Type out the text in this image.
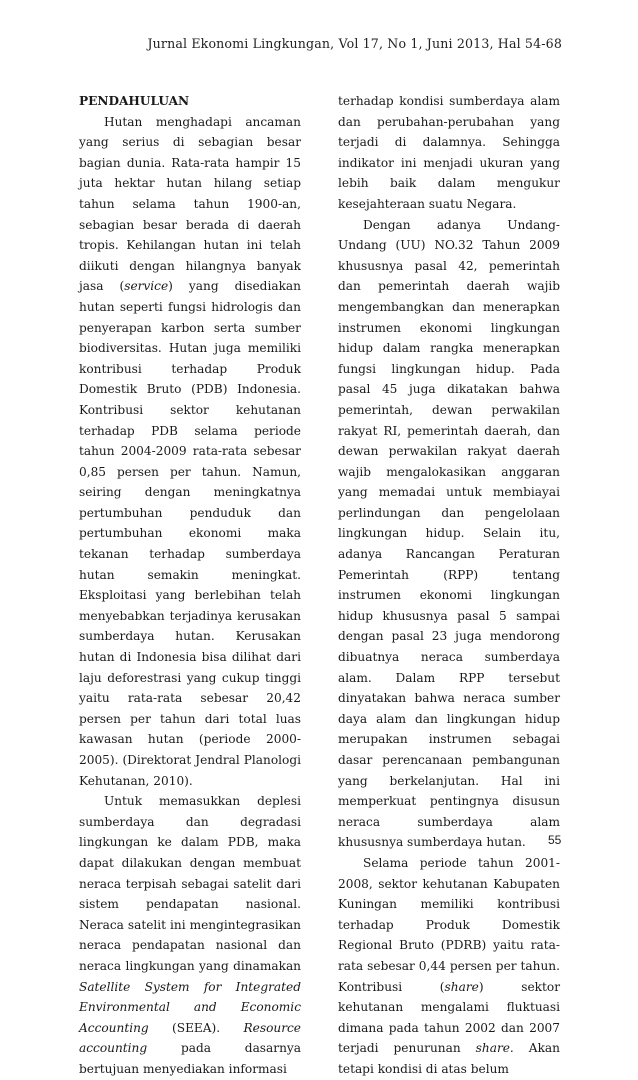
Jurnal Ekonomi Lingkungan, Vol 17, No 1, Juni 2013, Hal 54-68

PENDAHULUAN

Hutan menghadapi ancaman yang serius di sebagian besar bagian dunia. Rata-rata hampir 15 juta hektar hutan hilang setiap tahun selama tahun 1900-an, sebagian besar berada di daerah tropis. Kehilangan hutan ini telah diikuti dengan hilangnya banyak jasa (service) yang disediakan hutan seperti fungsi hidrologis dan penyerapan karbon serta sumber biodiversitas. Hutan juga memiliki kontribusi terhadap Produk Domestik Bruto (PDB) Indonesia. Kontribusi sektor kehutanan terhadap PDB selama periode tahun 2004-2009 rata-rata sebesar 0,85 persen per tahun. Namun, seiring dengan meningkatnya pertumbuhan penduduk dan pertumbuhan ekonomi maka tekanan terhadap sumberdaya hutan semakin meningkat. Eksploitasi yang berlebihan telah menyebabkan terjadinya kerusakan sumberdaya hutan. Kerusakan hutan di Indonesia bisa dilihat dari laju deforestrasi yang cukup tinggi yaitu rata-rata sebesar 20,42 persen per tahun dari total luas kawasan hutan (periode 2000-2005). (Direktorat Jendral Planologi Kehutanan, 2010).

Untuk memasukkan deplesi sumberdaya dan degradasi lingkungan ke dalam PDB, maka dapat dilakukan dengan membuat neraca terpisah sebagai satelit dari sistem pendapatan nasional. Neraca satelit ini mengintegrasikan neraca pendapatan nasional dan neraca lingkungan yang dinamakan Satellite System for Integrated Environmental and Economic Accounting (SEEA). Resource accounting pada dasarnya bertujuan menyediakan informasi

terhadap kondisi sumberdaya alam dan perubahan-perubahan yang terjadi di dalamnya. Sehingga indikator ini menjadi ukuran yang lebih baik dalam mengukur kesejahteraan suatu Negara.

Dengan adanya Undang-Undang (UU) NO.32 Tahun 2009 khususnya pasal 42, pemerintah dan pemerintah daerah wajib mengembangkan dan menerapkan instrumen ekonomi lingkungan hidup dalam rangka menerapkan fungsi lingkungan hidup. Pada pasal 45 juga dikatakan bahwa pemerintah, dewan perwakilan rakyat RI, pemerintah daerah, dan dewan perwakilan rakyat daerah wajib mengalokasikan anggaran yang memadai untuk membiayai perlindungan dan pengelolaan lingkungan hidup. Selain itu, adanya Rancangan Peraturan Pemerintah (RPP) tentang instrumen ekonomi lingkungan hidup khususnya pasal 5 sampai dengan pasal 23 juga mendorong dibuatnya neraca sumberdaya alam. Dalam RPP tersebut dinyatakan bahwa neraca sumber daya alam dan lingkungan hidup merupakan instrumen sebagai dasar perencanaan pembangunan yang berkelanjutan. Hal ini memperkuat pentingnya disusun neraca sumberdaya alam khususnya sumberdaya hutan.

Selama periode tahun 2001-2008, sektor kehutanan Kabupaten Kuningan memiliki kontribusi terhadap Produk Domestik Regional Bruto (PDRB) yaitu rata-rata sebesar 0,44 persen per tahun. Kontribusi (share) sektor kehutanan mengalami fluktuasi dimana pada tahun 2002 dan 2007 terjadi penurunan share. Akan tetapi kondisi di atas belum

55
